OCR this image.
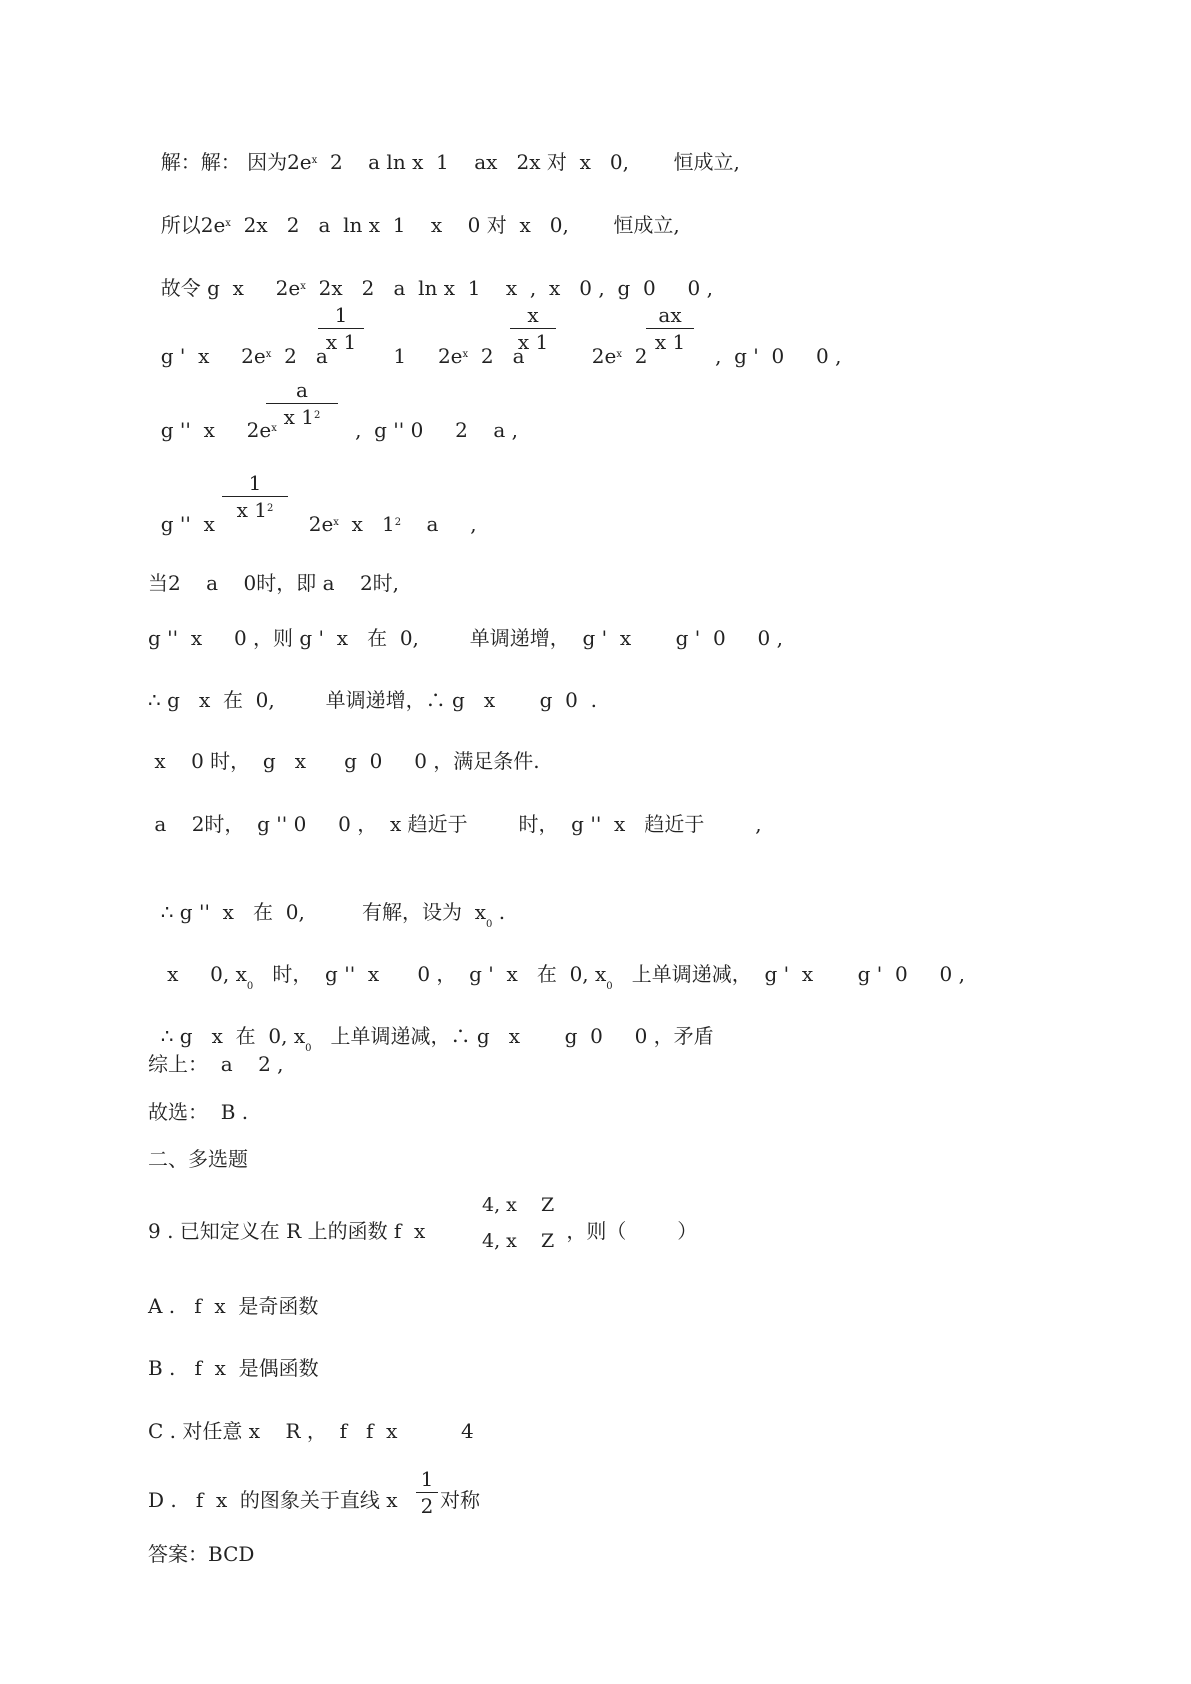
解：解： 因为$2e^x$  2    a ln x  1    ax   2x 对  x   0,       恒成立,

所以$2e^x$  2x   2   a  ln x  1    x    0 对  x   0,       恒成立,

故令 g  x     $2e^x$  2x   2   a  ln x  1    x  ,  x   0 ,  g  0     0 ,

g '  x     $2e^x$  2   a

1
x 1

1     $2e^x$  2   a

x
x 1

$2e^x$  2

ax
x 1

,  g '  0     0 ,

g ''  x     $2e^x$

a
x $1^2$

,  g '' 0     2    a ,

g ''  x

1
x $1^2$

$2e^x$  x   $1^2$    a     ,

当2    a    0时，即 a    2时,
g ''  x     0 ，则 g '  x   在  0,        单调递增，  g '  x       g '  0     0 ,
∴ g   x  在  0,        单调递增，∴ g   x       g  0  .
x    0 时，  g   x      g  0     0 ，满足条件.
a    2时，  g '' 0     0 ，  x 趋近于        时，  g ''  x   趋近于        ,

∴ g ''  x   在  0,         有解，设为  $x_0$ .

x     0, $x_0$   时，  g ''  x      0 ，  g '  x   在  0, $x_0$   上单调递减，  g '  x       g '  0     0 ,

∴ g   x  在  0, $x_0$   上单调递减，∴ g   x       g  0     0 ，矛盾

综上：  a    2 ,
故选：  B .
二、多选题
9 . 已知定义在 R 上的函数 f  x
4, x    Z
4, x    Z ，则（        ）
A .   f  x  是奇函数
B .   f  x  是偶函数
C . 对任意 x    R ，  f   f  x          4
D .   f  x  的图象关于直线 x
1
2 对称
答案：BCD
